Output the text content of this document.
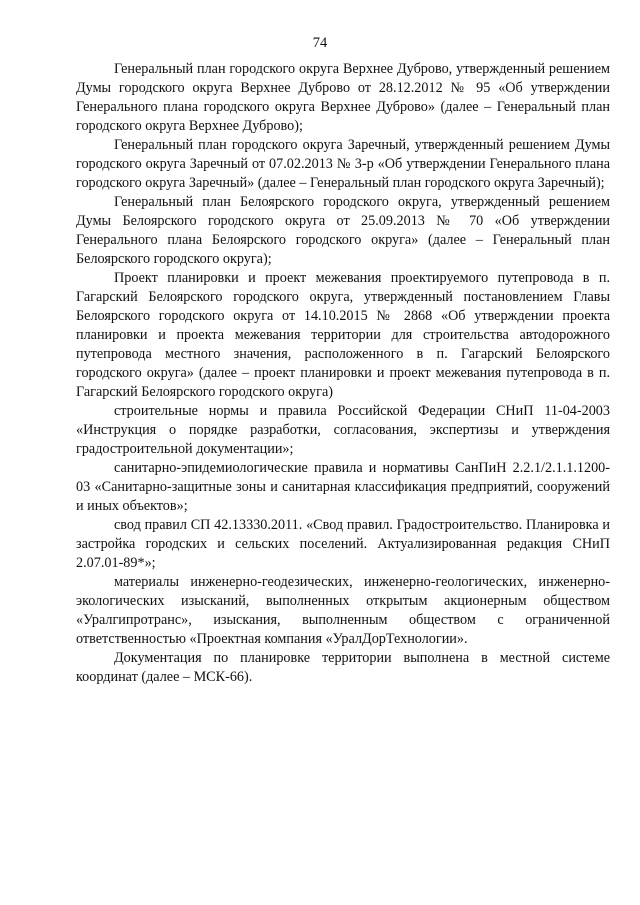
74

Генеральный план городского округа Верхнее Дуброво, утвержденный решением Думы городского округа Верхнее Дуброво от 28.12.2012 № 95 «Об утверждении Генерального плана городского округа Верхнее Дуброво» (далее – Генеральный план городского округа Верхнее Дуброво);

Генеральный план городского округа Заречный, утвержденный решением Думы городского округа Заречный от 07.02.2013 № 3-р «Об утверждении Генерального плана городского округа Заречный» (далее – Генеральный план городского округа Заречный);

Генеральный план Белоярского городского округа, утвержденный решением Думы Белоярского городского округа от 25.09.2013 № 70 «Об утверждении Генерального плана Белоярского городского округа» (далее – Генеральный план Белоярского городского округа);

Проект планировки и проект межевания проектируемого путепровода в п. Гагарский Белоярского городского округа, утвержденный постановлением Главы Белоярского городского округа от 14.10.2015 № 2868 «Об утверждении проекта планировки и проекта межевания территории для строительства автодорожного путепровода местного значения, расположенного в п. Гагарский Белоярского городского округа» (далее – проект планировки и проект межевания путепровода в п. Гагарский Белоярского городского округа)

строительные нормы и правила Российской Федерации СНиП 11-04-2003 «Инструкция о порядке разработки, согласования, экспертизы и утверждения градостроительной документации»;

санитарно-эпидемиологические правила и нормативы СанПиН 2.2.1/2.1.1.1200-03 «Санитарно-защитные зоны и санитарная классификация предприятий, сооружений и иных объектов»;

свод правил СП 42.13330.2011. «Свод правил. Градостроительство. Планировка и застройка городских и сельских поселений. Актуализированная редакция СНиП 2.07.01-89*»;

материалы инженерно-геодезических, инженерно-геологических, инженерно-экологических изысканий, выполненных открытым акционерным обществом «Уралгипротранс», изыскания, выполненным обществом с ограниченной ответственностью «Проектная компания «УралДорТехнологии».

Документация по планировке территории выполнена в местной системе координат (далее – МСК-66).
